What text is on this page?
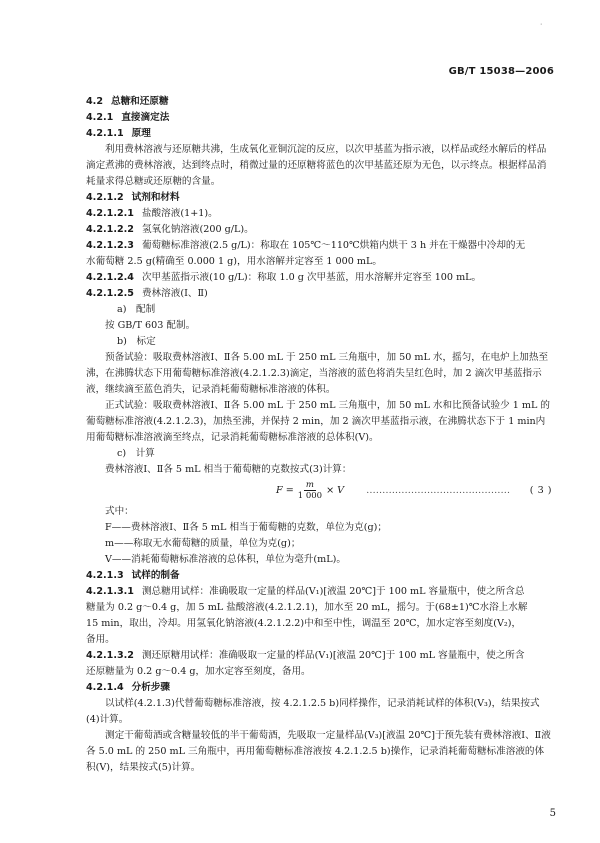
ᐧ
GB/T 15038—2006
4.2 总糖和还原糖
4.2.1 直接滴定法
4.2.1.1 原理
利用费林溶液与还原糖共沸，生成氧化亚铜沉淀的反应，以次甲基蓝为指示液，以样品或经水解后的样品滴定煮沸的费林溶液，达到终点时，稍微过量的还原糖将蓝色的次甲基蓝还原为无色，以示终点。根据样品消耗量求得总糖或还原糖的含量。
4.2.1.2 试剂和材料
4.2.1.2.1 盐酸溶液(1+1)。
4.2.1.2.2 氢氧化钠溶液(200 g/L)。
4.2.1.2.3 葡萄糖标准溶液(2.5 g/L)：称取在 105℃～110℃烘箱内烘干 3 h 并在干燥器中冷却的无
水葡萄糖 2.5 g(精确至 0.000 1 g)，用水溶解并定容至 1 000 mL。
4.2.1.2.4 次甲基蓝指示液(10 g/L)：称取 1.0 g 次甲基蓝，用水溶解并定容至 100 mL。
4.2.1.2.5 费林溶液(Ⅰ、Ⅱ)
a)　配制
按 GB/T 603 配制。
b)　标定
预备试验：吸取费林溶液Ⅰ、Ⅱ各 5.00 mL 于 250 mL 三角瓶中，加 50 mL 水，摇匀，在电炉上加热至沸，在沸腾状态下用葡萄糖标准溶液(4.2.1.2.3)滴定，当溶液的蓝色将消失呈红色时，加 2 滴次甲基蓝指示液，继续滴至蓝色消失，记录消耗葡萄糖标准溶液的体积。
正式试验：吸取费林溶液Ⅰ、Ⅱ各 5.00 mL 于 250 mL 三角瓶中，加 50 mL 水和比预备试验少 1 mL 的葡萄糖标准溶液(4.2.1.2.3)，加热至沸，并保持 2 min，加 2 滴次甲基蓝指示液，在沸腾状态下于 1 min内用葡萄糖标准溶液滴至终点，记录消耗葡萄糖标准溶液的总体积(V)。
c)　计算
费林溶液Ⅰ、Ⅱ各 5 mL 相当于葡萄糖的克数按式(3)计算：
$F = \frac{m}{1 000} \times V$ ……………………………………… ( 3 )
式中：
F——费林溶液Ⅰ、Ⅱ各 5 mL 相当于葡萄糖的克数，单位为克(g)；
m——称取无水葡萄糖的质量，单位为克(g)；
V——消耗葡萄糖标准溶液的总体积，单位为毫升(mL)。
4.2.1.3 试样的制备
4.2.1.3.1 测总糖用试样：准确吸取一定量的样品(V₁)[液温 20℃]于 100 mL 容量瓶中，使之所含总
糖量为 0.2 g～0.4 g，加 5 mL 盐酸溶液(4.2.1.2.1)，加水至 20 mL，摇匀。于(68±1)℃水浴上水解
15 min，取出，冷却。用氢氧化钠溶液(4.2.1.2.2)中和至中性，调温至 20℃，加水定容至刻度(V₂)，
备用。
4.2.1.3.2 测还原糖用试样：准确吸取一定量的样品(V₁)[液温 20℃]于 100 mL 容量瓶中，使之所含
还原糖量为 0.2 g～0.4 g，加水定容至刻度，备用。
4.2.1.4 分析步骤
以试样(4.2.1.3)代替葡萄糖标准溶液，按 4.2.1.2.5 b)同样操作，记录消耗试样的体积(V₃)，结果按式(4)计算。
测定干葡萄酒或含糖量较低的半干葡萄酒，先吸取一定量样品(V₃)[液温 20℃]于预先装有费林溶液Ⅰ、Ⅱ液各 5.0 mL 的 250 mL 三角瓶中，再用葡萄糖标准溶液按 4.2.1.2.5 b)操作，记录消耗葡萄糖标准溶液的体积(V)，结果按式(5)计算。
5
